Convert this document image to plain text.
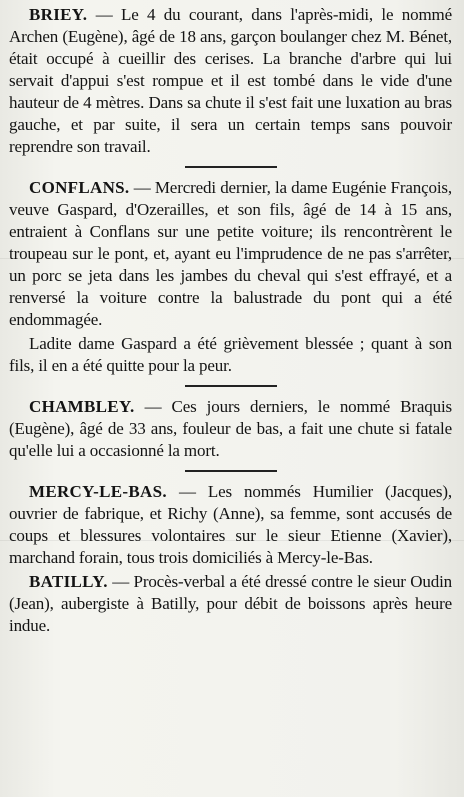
BRIEY. — Le 4 du courant, dans l'après-midi, le nommé Archen (Eugène), âgé de 18 ans, garçon boulanger chez M. Bénet, était occupé à cueillir des cerises. La branche d'arbre qui lui servait d'appui s'est rompue et il est tombé dans le vide d'une hauteur de 4 mètres. Dans sa chute il s'est fait une luxation au bras gauche, et par suite, il sera un certain temps sans pouvoir reprendre son travail.

CONFLANS. — Mercredi dernier, la dame Eugénie François, veuve Gaspard, d'Ozerailles, et son fils, âgé de 14 à 15 ans, entraient à Conflans sur une petite voiture; ils rencontrèrent le troupeau sur le pont, et, ayant eu l'imprudence de ne pas s'arrêter, un porc se jeta dans les jambes du cheval qui s'est effrayé, et a renversé la voiture contre la balustrade du pont qui a été endommagée.

Ladite dame Gaspard a été grièvement blessée ; quant à son fils, il en a été quitte pour la peur.

CHAMBLEY. — Ces jours derniers, le nommé Braquis (Eugène), âgé de 33 ans, fouleur de bas, a fait une chute si fatale qu'elle lui a occasionné la mort.

MERCY-LE-BAS. — Les nommés Humilier (Jacques), ouvrier de fabrique, et Richy (Anne), sa femme, sont accusés de coups et blessures volontaires sur le sieur Etienne (Xavier), marchand forain, tous trois domiciliés à Mercy-le-Bas.

BATILLY. — Procès-verbal a été dressé contre le sieur Oudin (Jean), aubergiste à Batilly, pour débit de boissons après heure indue.
